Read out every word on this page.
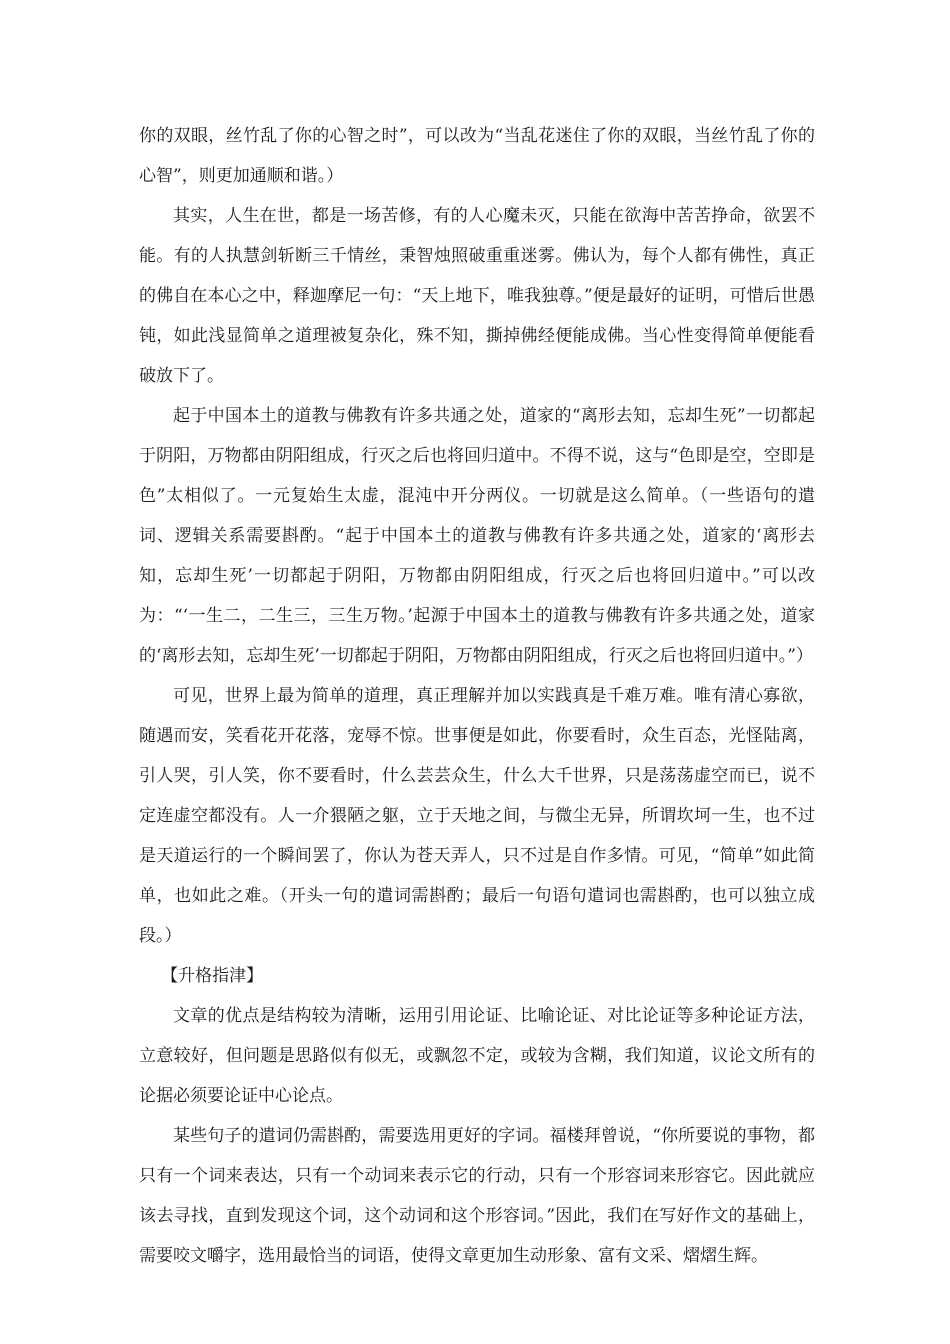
你的双眼，丝竹乱了你的心智之时”，可以改为“当乱花迷住了你的双眼，当丝竹乱了你的心智”，则更加通顺和谐。）

其实，人生在世，都是一场苦修，有的人心魔未灭，只能在欲海中苦苦挣命，欲罢不能。有的人执慧剑斩断三千情丝，秉智烛照破重重迷雾。佛认为，每个人都有佛性，真正的佛自在本心之中，释迦摩尼一句：“天上地下，唯我独尊。”便是最好的证明，可惜后世愚钝，如此浅显简单之道理被复杂化，殊不知，撕掉佛经便能成佛。当心性变得简单便能看破放下了。

起于中国本土的道教与佛教有许多共通之处，道家的“离形去知，忘却生死”一切都起于阴阳，万物都由阴阳组成，行灭之后也将回归道中。不得不说，这与“色即是空，空即是色”太相似了。一元复始生太虚，混沌中开分两仪。一切就是这么简单。（一些语句的遣词、逻辑关系需要斟酌。“起于中国本土的道教与佛教有许多共通之处，道家的‘离形去知，忘却生死’一切都起于阴阳，万物都由阴阳组成，行灭之后也将回归道中。”可以改为：“‘一生二，二生三，三生万物。’起源于中国本土的道教与佛教有许多共通之处，道家的‘离形去知，忘却生死’一切都起于阴阳，万物都由阴阳组成，行灭之后也将回归道中。”）

可见，世界上最为简单的道理，真正理解并加以实践真是千难万难。唯有清心寡欲，随遇而安，笑看花开花落，宠辱不惊。世事便是如此，你要看时，众生百态，光怪陆离，引人哭，引人笑，你不要看时，什么芸芸众生，什么大千世界，只是荡荡虚空而已，说不定连虚空都没有。人一介猥陋之躯，立于天地之间，与微尘无异，所谓坎坷一生，也不过是天道运行的一个瞬间罢了，你认为苍天弄人，只不过是自作多情。可见，“简单”如此简单，也如此之难。（开头一句的遣词需斟酌；最后一句语句遣词也需斟酌，也可以独立成段。）

【升格指津】

文章的优点是结构较为清晰，运用引用论证、比喻论证、对比论证等多种论证方法，立意较好，但问题是思路似有似无，或飘忽不定，或较为含糊，我们知道，议论文所有的论据必须要论证中心论点。

某些句子的遣词仍需斟酌，需要选用更好的字词。福楼拜曾说，“你所要说的事物，都只有一个词来表达，只有一个动词来表示它的行动，只有一个形容词来形容它。因此就应该去寻找，直到发现这个词，这个动词和这个形容词。”因此，我们在写好作文的基础上，需要咬文嚼字，选用最恰当的词语，使得文章更加生动形象、富有文采、熠熠生辉。
